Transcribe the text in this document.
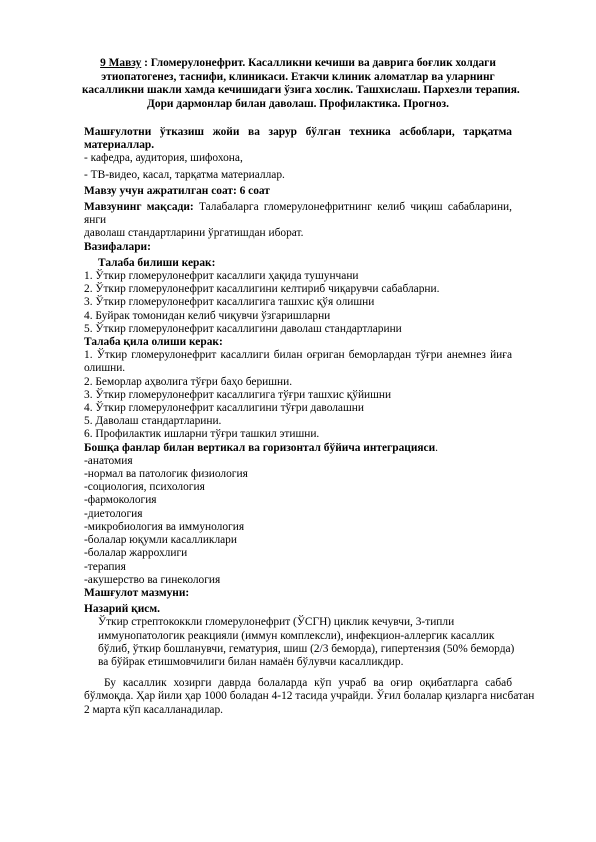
9 Мавзу : Гломерулонефрит. Касалликни кечиши ва даврига боғлик холдаги
этиопатогенез, таснифи, клиникаси. Етакчи клиник аломатлар ва уларнинг
касалликни шакли хамда кечишидаги ўзига хослик. Ташхислаш. Пархезли терапия.
Дори дармонлар билан даволаш. Профилактика. Прогноз.
Машғулотни ўтказиш жойи ва зарур бўлган техника асбоблари, тарқатма
материаллар.
- кафедра, аудитория, шифохона,
- ТВ-видео, касал, тарқатма материаллар.
Мавзу учун ажратилган соат: 6 соат
Мавзунинг мақсади: Талабаларга гломерулонефритнинг келиб чиқиш сабабларини, янги
даволаш стандартларини ўргатишдан иборат.
Вазифалари:
Талаба билиши керак:
1. Ўткир гломерулонефрит касаллиги ҳақида тушунчани
2. Ўткир гломерулонефрит касаллигини келтириб чиқарувчи сабабларни.
3. Ўткир гломерулонефрит касаллигига ташхис қўя олишни
4. Буйрак томонидан келиб чиқувчи ўзгаришларни
5. Ўткир гломерулонефрит касаллигини даволаш стандартларини
Талаба қила олиши керак:
1. Ўткир гломерулонефрит касаллиги билан оғриган беморлардан тўғри анемнез йиға
олишни.
2. Беморлар аҳволига тўғри баҳо беришни.
3. Ўткир гломерулонефрит касаллигига тўғри ташхис қўйишни
4. Ўткир гломерулонефрит касаллигини тўғри даволашни
5. Даволаш стандартларини.
6. Профилактик ишларни тўғри ташкил этишни.
Бошқа фанлар билан вертикал ва горизонтал бўйича интеграцияси.
-анатомия
-нормал ва патологик физиология
-социология, психология
-фармокология
-диетология
-микробиология ва иммунология
-болалар юқумли касалликлари
-болалар жаррохлиги
-терапия
-акушерство ва гинекология
Машғулот мазмуни:
Назарий қисм.
Ўткир стрептококкли гломерулонефрит (ЎСГН) циклик кечувчи, 3-типли
иммунопатологик реакцияли (иммун комплексли), инфекцион-аллергик касаллик
бўлиб, ўткир бошланувчи, гематурия, шиш (2/3 беморда), гипертензия (50% беморда)
ва бўйрак етишмовчилиги билан намаён бўлувчи касалликдир.
Бу касаллик хозирги даврда болаларда кўп учраб ва оғир оқибатларга сабаб
бўлмоқда. Ҳар йили ҳар 1000 боладан 4-12 тасида учрайди. Ўғил болалар қизларга нисбатан
2 марта кўп касалланадилар.
